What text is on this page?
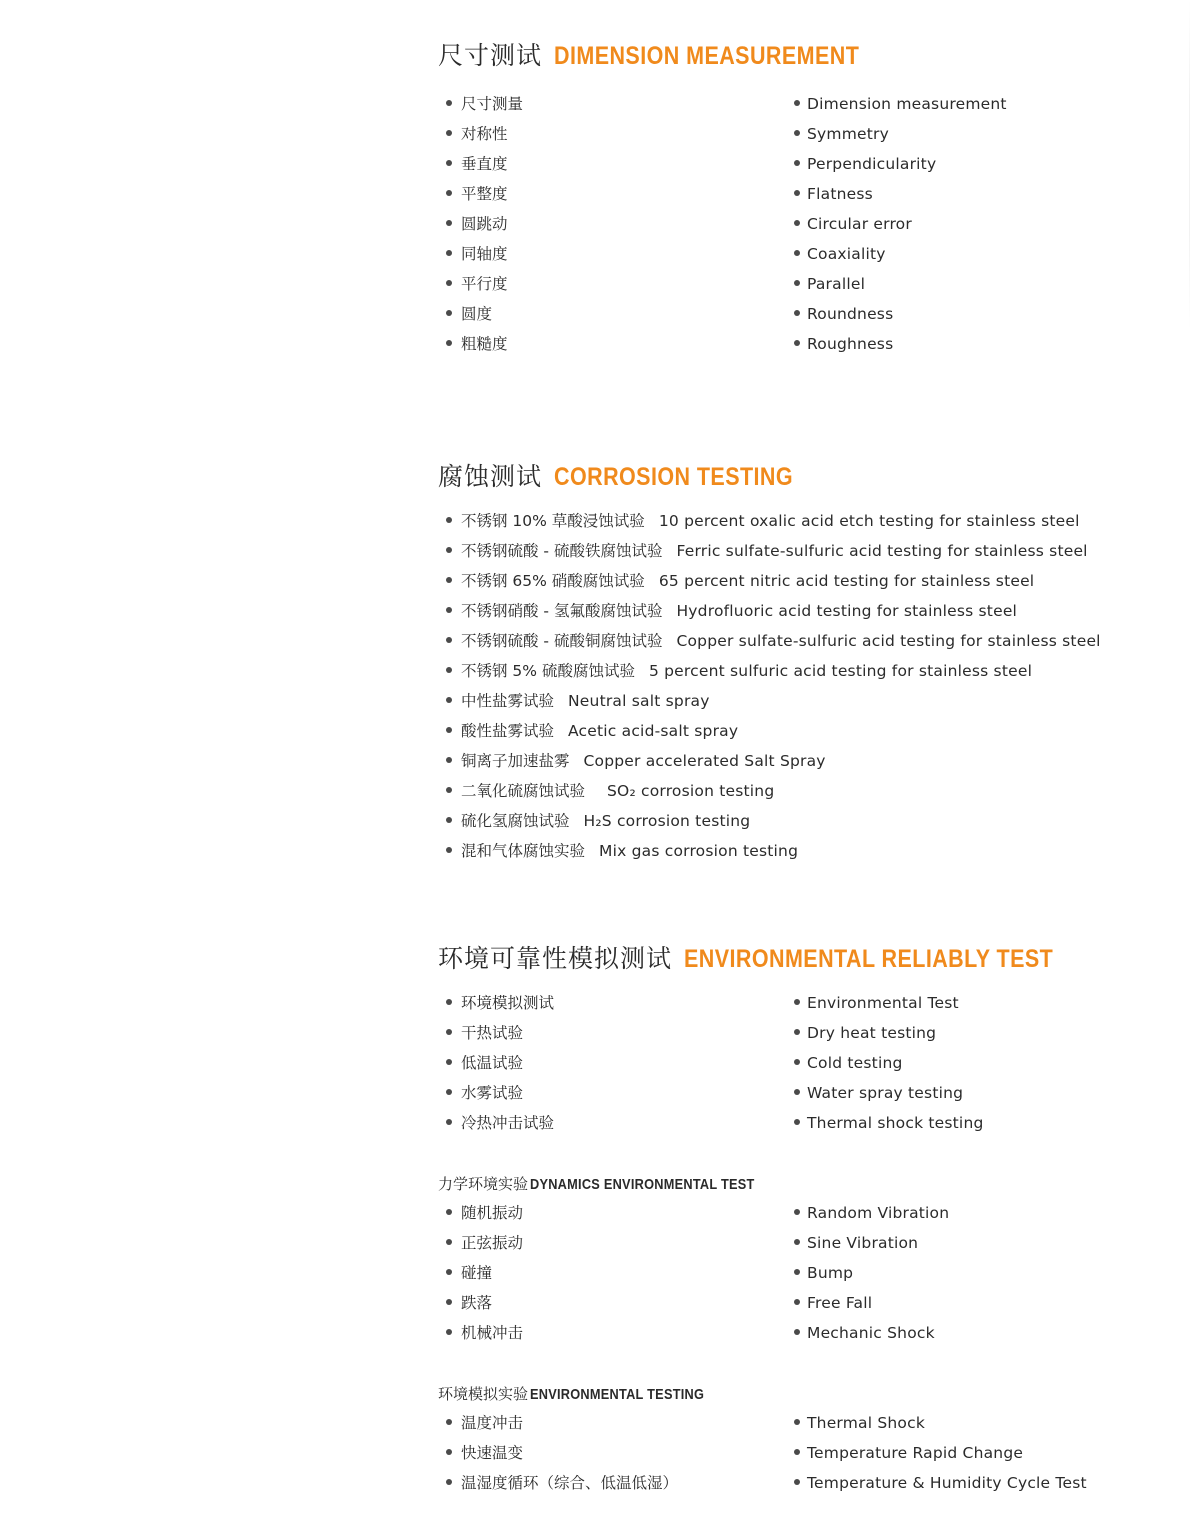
尺寸测试 DIMENSION MEASUREMENT
尺寸测量
对称性
垂直度
平整度
圆跳动
同轴度
平行度
圆度
粗糙度
Dimension measurement
Symmetry
Perpendicularity
Flatness
Circular error
Coaxiality
Parallel
Roundness
Roughness
腐蚀测试 CORROSION TESTING
不锈钢 10% 草酸浸蚀试验 10 percent oxalic acid etch testing for stainless steel
不锈钢硫酸 - 硫酸铁腐蚀试验 Ferric sulfate-sulfuric acid testing for stainless steel
不锈钢 65% 硝酸腐蚀试验 65 percent nitric acid testing for stainless steel
不锈钢硝酸 - 氢氟酸腐蚀试验 Hydrofluoric acid testing for stainless steel
不锈钢硫酸 - 硫酸铜腐蚀试验 Copper sulfate-sulfuric acid testing for stainless steel
不锈钢 5% 硫酸腐蚀试验 5 percent sulfuric acid testing for stainless steel
中性盐雾试验 Neutral salt spray
酸性盐雾试验 Acetic acid-salt spray
铜离子加速盐雾 Copper accelerated Salt Spray
二氧化硫腐蚀试验 SO₂ corrosion testing
硫化氢腐蚀试验 H₂S corrosion testing
混和气体腐蚀实验 Mix gas corrosion testing
环境可靠性模拟测试 ENVIRONMENTAL RELIABLY TEST
环境模拟测试
干热试验
低温试验
水雾试验
冷热冲击试验
Environmental Test
Dry heat testing
Cold testing
Water spray testing
Thermal shock testing
力学环境实验 DYNAMICS ENVIRONMENTAL TEST
随机振动
正弦振动
碰撞
跌落
机械冲击
Random Vibration
Sine Vibration
Bump
Free Fall
Mechanic Shock
环境模拟实验 ENVIRONMENTAL TESTING
温度冲击
快速温变
温湿度循环（综合、低温低湿）
Thermal Shock
Temperature Rapid Change
Temperature & Humidity Cycle Test
